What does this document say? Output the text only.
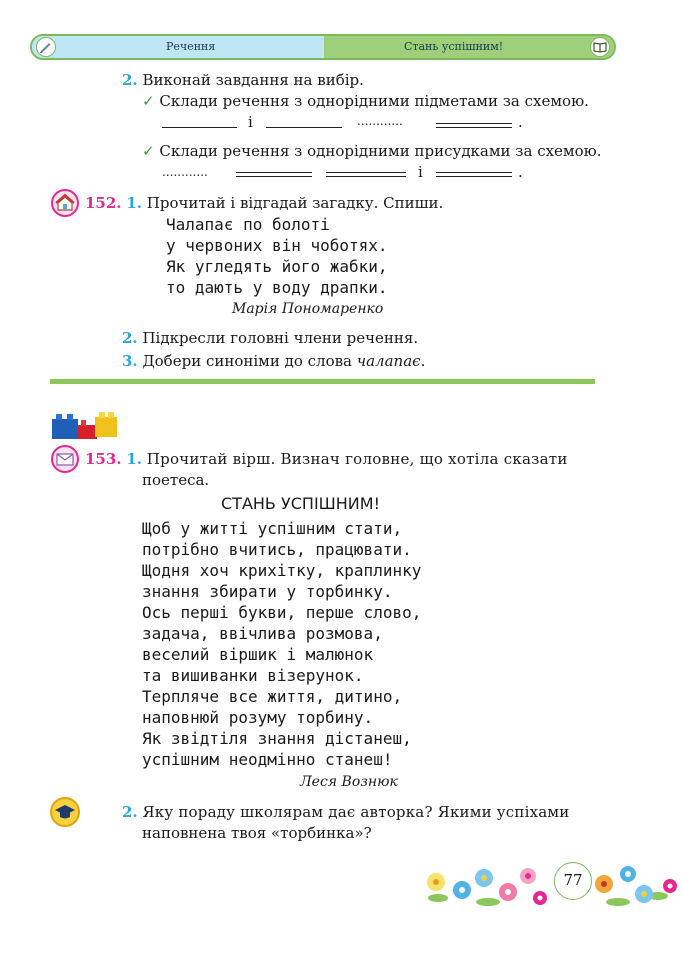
Речення	Стань успішним!
2. Виконай завдання на вибір.
✓ Склади речення з однорідними підметами за схемою.
і	............	.
✓ Склади речення з однорідними присудками за схемою.
............	і	.
152. 1. Прочитай і відгадай загадку. Спиши.
Чалапає по болоті
у червоних він чоботях.
Як угледять його жабки,
то дають у воду драпки.
Марія Пономаренко
2. Підкресли головні члени речення.
3. Добери синоніми до слова чалапає.
153. 1. Прочитай вірш. Визнач головне, що хотіла сказати
поетеса.
СТАНЬ УСПІШНИМ!
Щоб у житті успішним стати,
потрібно вчитись, працювати.
Щодня хоч крихітку, краплинку
знання збирати у торбинку.
Ось перші букви, перше слово,
задача, ввічлива розмова,
веселий віршик і малюнок
та вишиванки візерунок.
Терпляче все життя, дитино,
наповнюй розуму торбину.
Як звідтіля знання дістанеш,
успішним неодмінно станеш!
Леся Вознюк
2. Яку пораду школярам дає авторка? Якими успіхами
наповнена твоя «торбинка»?
77
